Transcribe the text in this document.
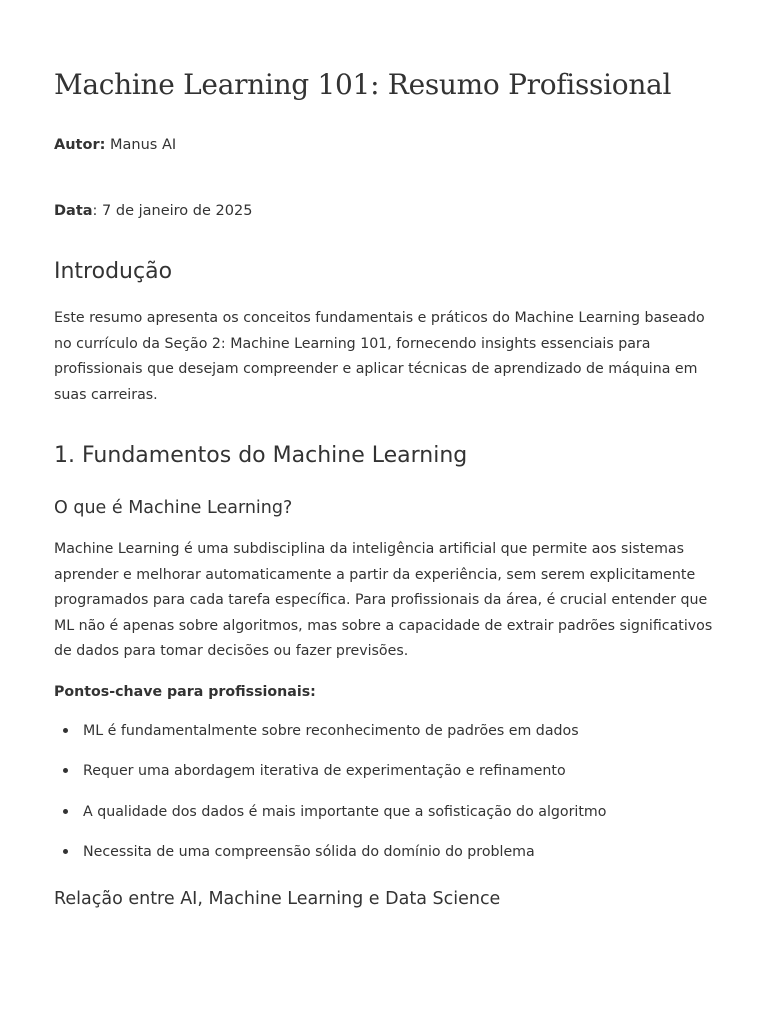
Machine Learning 101: Resumo Profissional

Autor: Manus AI

Data: 7 de janeiro de 2025

Introdução

Este resumo apresenta os conceitos fundamentais e práticos do Machine Learning baseado no currículo da Seção 2: Machine Learning 101, fornecendo insights essenciais para profissionais que desejam compreender e aplicar técnicas de aprendizado de máquina em suas carreiras.

1. Fundamentos do Machine Learning
O que é Machine Learning?

Machine Learning é uma subdisciplina da inteligência artificial que permite aos sistemas aprender e melhorar automaticamente a partir da experiência, sem serem explicitamente programados para cada tarefa específica. Para profissionais da área, é crucial entender que ML não é apenas sobre algoritmos, mas sobre a capacidade de extrair padrões significativos de dados para tomar decisões ou fazer previsões.

Pontos-chave para profissionais:

ML é fundamentalmente sobre reconhecimento de padrões em dados
Requer uma abordagem iterativa de experimentação e refinamento
A qualidade dos dados é mais importante que a sofisticação do algoritmo
Necessita de uma compreensão sólida do domínio do problema
Relação entre AI, Machine Learning e Data Science
